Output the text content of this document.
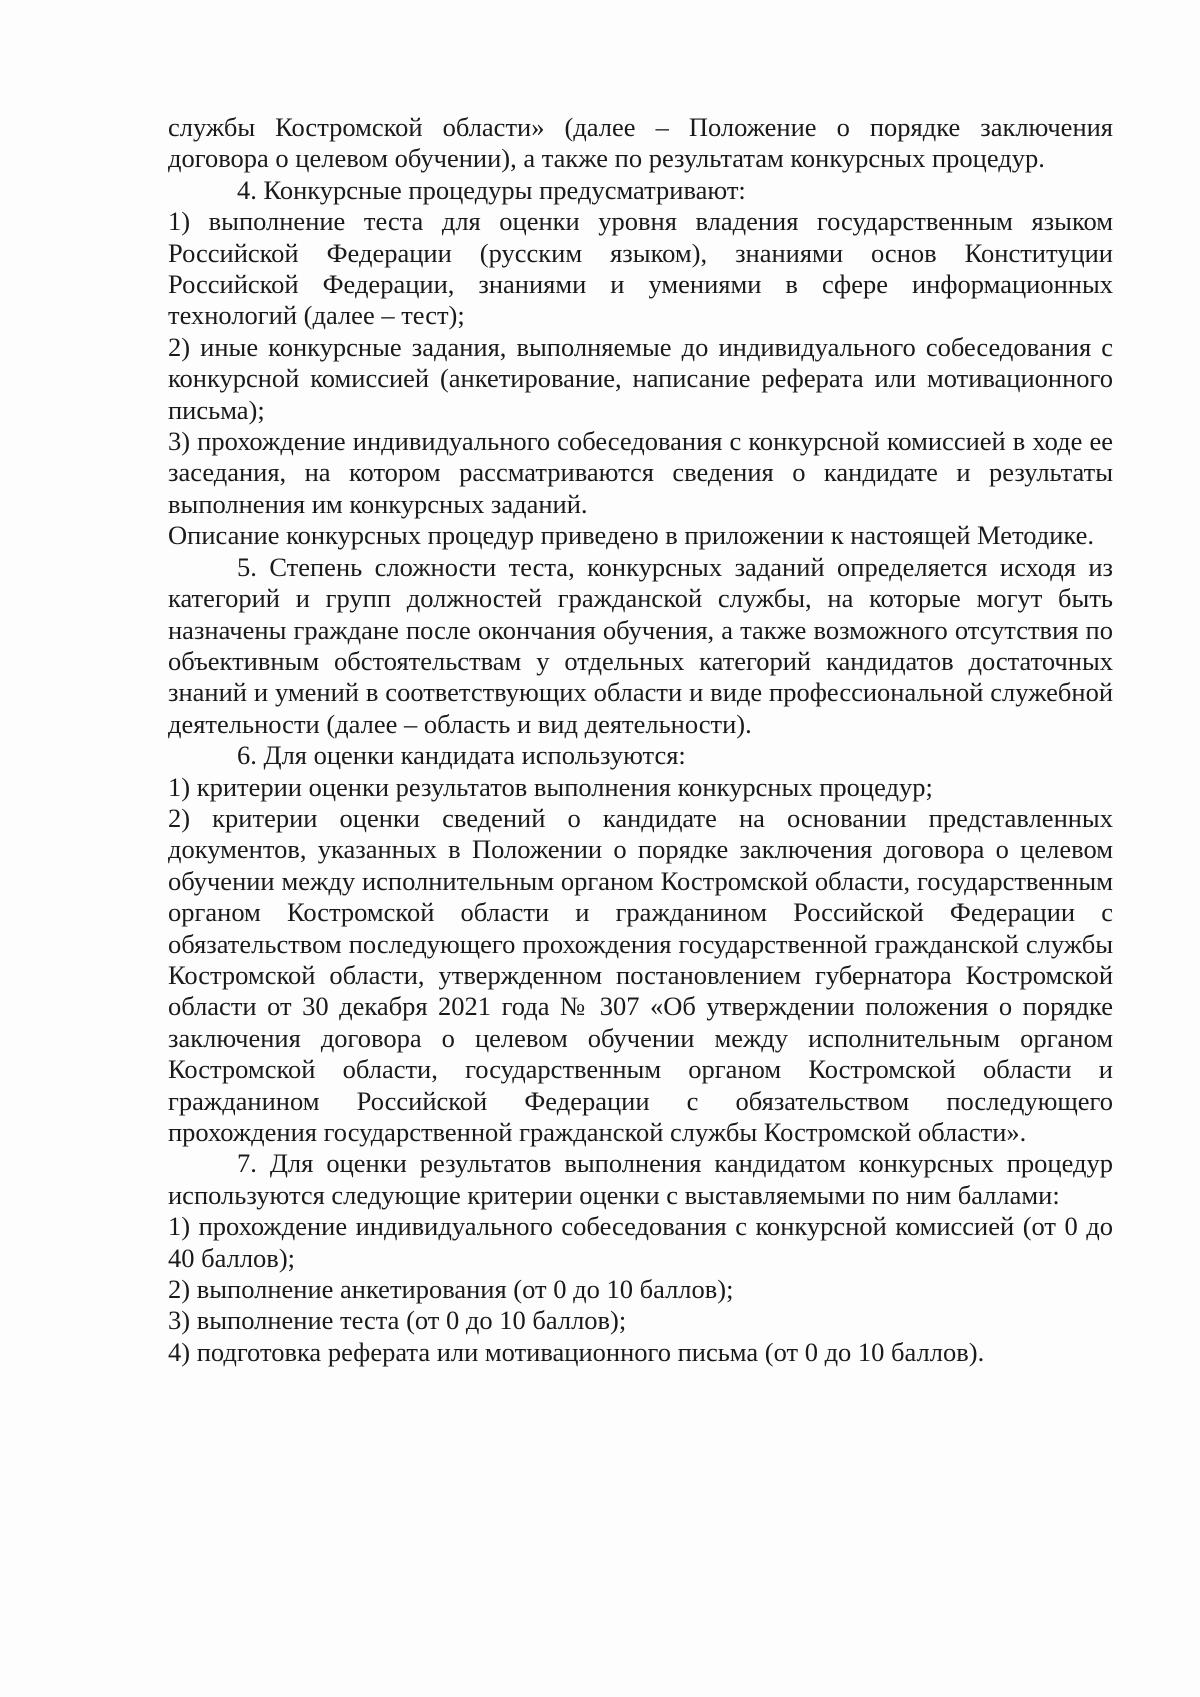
службы Костромской области» (далее – Положение о порядке заключения договора о целевом обучении), а также по результатам конкурсных процедур.

4. Конкурсные процедуры предусматривают:

1) выполнение теста для оценки уровня владения государственным языком Российской Федерации (русским языком), знаниями основ Конституции Российской Федерации, знаниями и умениями в сфере информационных технологий (далее – тест);

2) иные конкурсные задания, выполняемые до индивидуального собеседования с конкурсной комиссией (анкетирование, написание реферата или мотивационного письма);

3) прохождение индивидуального собеседования с конкурсной комиссией в ходе ее заседания, на котором рассматриваются сведения о кандидате и результаты выполнения им конкурсных заданий.

Описание конкурсных процедур приведено в приложении к настоящей Методике.

5. Степень сложности теста, конкурсных заданий определяется исходя из категорий и групп должностей гражданской службы, на которые могут быть назначены граждане после окончания обучения, а также возможного отсутствия по объективным обстоятельствам у отдельных категорий кандидатов достаточных знаний и умений в соответствующих области и виде профессиональной служебной деятельности (далее – область и вид деятельности).

6. Для оценки кандидата используются:

1) критерии оценки результатов выполнения конкурсных процедур;

2) критерии оценки сведений о кандидате на основании представленных документов, указанных в Положении о порядке заключения договора о целевом обучении между исполнительным органом Костромской области, государственным органом Костромской области и гражданином Российской Федерации с обязательством последующего прохождения государственной гражданской службы Костромской области, утвержденном постановлением губернатора Костромской области от 30 декабря 2021 года № 307 «Об утверждении положения о порядке заключения договора о целевом обучении между исполнительным органом Костромской области, государственным органом Костромской области и гражданином Российской Федерации с обязательством последующего прохождения государственной гражданской службы Костромской области».

7. Для оценки результатов выполнения кандидатом конкурсных процедур используются следующие критерии оценки с выставляемыми по ним баллами:

1) прохождение индивидуального собеседования с конкурсной комиссией (от 0 до 40 баллов);

2) выполнение анкетирования (от 0 до 10 баллов);

3) выполнение теста (от 0 до 10 баллов);

4) подготовка реферата или мотивационного письма (от 0 до 10 баллов).
